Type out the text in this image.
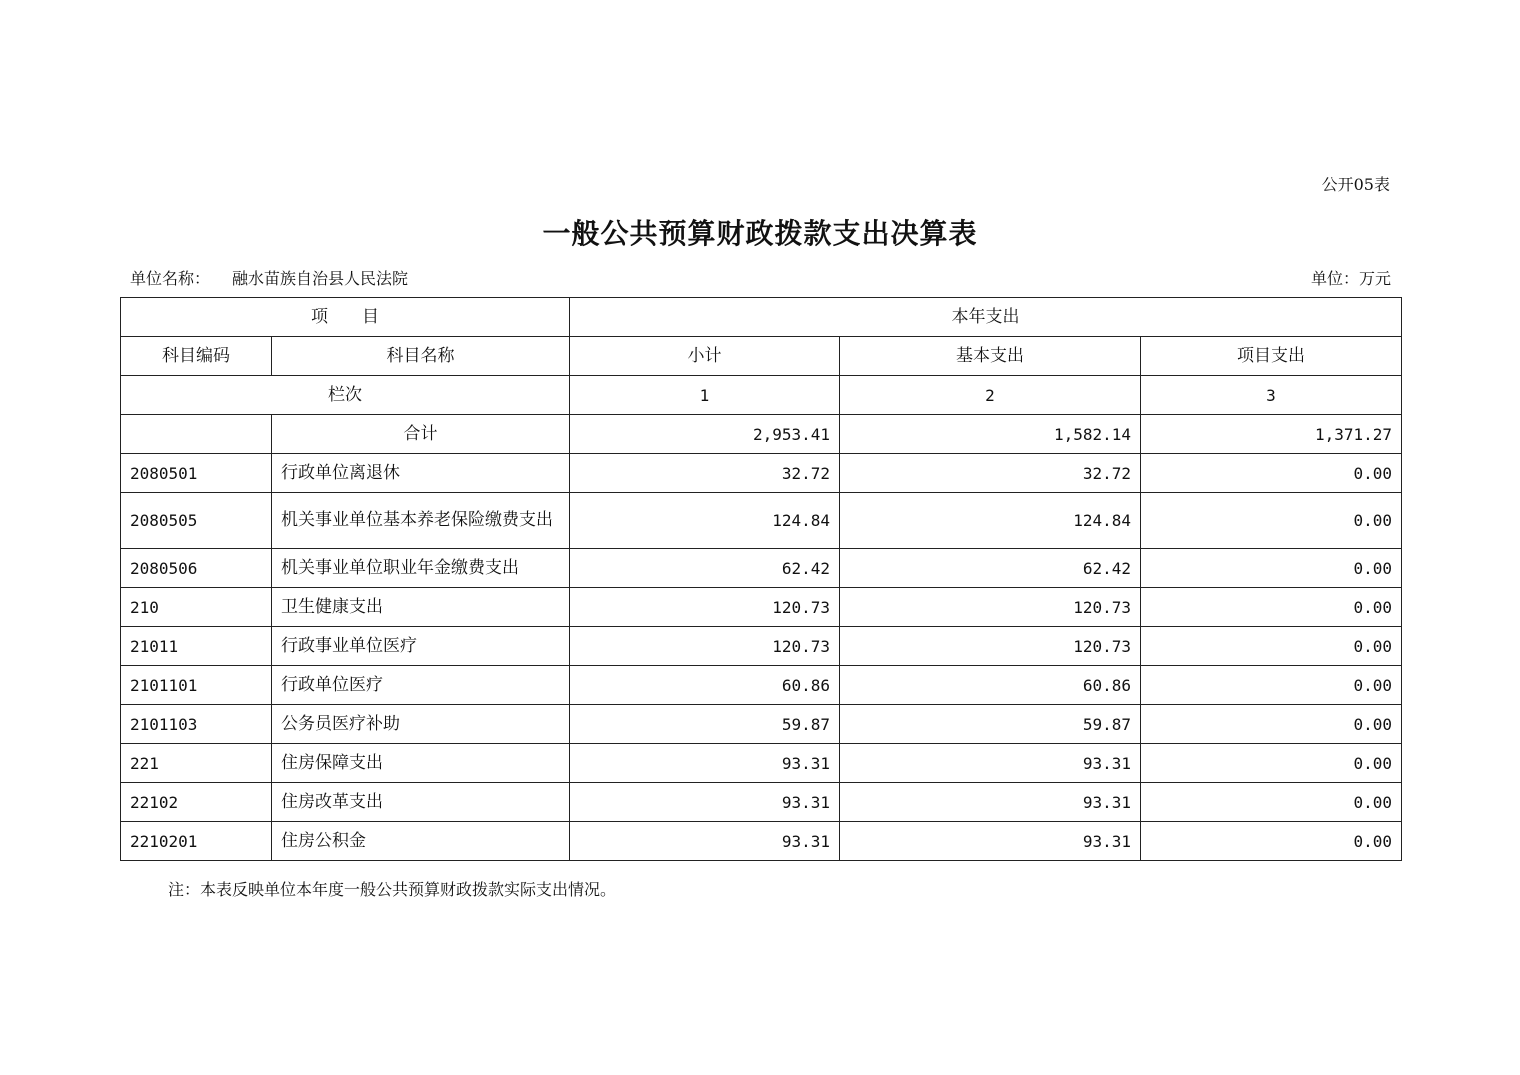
公开05表
一般公共预算财政拨款支出决算表
单位名称： 融水苗族自治县人民法院	单位：万元
项　　目		本年支出		
科目编码	科目名称	小计	基本支出	项目支出
栏次		1	2	3
	合计	2,953.41	1,582.14	1,371.27
2080501	行政单位离退休	32.72	32.72	0.00
2080505	机关事业单位基本养老保险缴费支出	124.84	124.84	0.00
2080506	机关事业单位职业年金缴费支出	62.42	62.42	0.00
210	卫生健康支出	120.73	120.73	0.00
21011	行政事业单位医疗	120.73	120.73	0.00
2101101	行政单位医疗	60.86	60.86	0.00
2101103	公务员医疗补助	59.87	59.87	0.00
221	住房保障支出	93.31	93.31	0.00
22102	住房改革支出	93.31	93.31	0.00
2210201	住房公积金	93.31	93.31	0.00
注：本表反映单位本年度一般公共预算财政拨款实际支出情况。
